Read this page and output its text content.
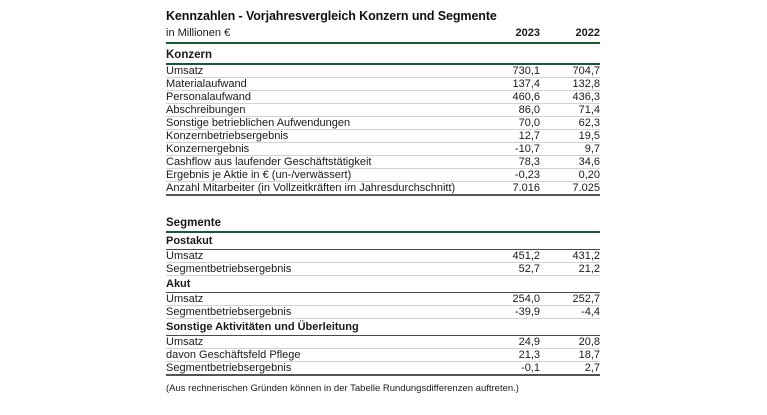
Kennzahlen - Vorjahresvergleich Konzern und Segmente
in Millionen €	2023	2022
Konzern		
Umsatz	730,1	704,7
Materialaufwand	137,4	132,8
Personalaufwand	460,6	436,3
Abschreibungen	86,0	71,4
Sonstige betrieblichen Aufwendungen	70,0	62,3
Konzernbetriebsergebnis	12,7	19,5
Konzernergebnis	-10,7	9,7
Cashflow aus laufender Geschäftstätigkeit	78,3	34,6
Ergebnis je Aktie in € (un-/verwässert)	-0,23	0,20
Anzahl Mitarbeiter (in Vollzeitkräften im Jahresdurchschnitt)	7.016	7.025

Segmente		
Postakut		
Umsatz	451,2	431,2
Segmentbetriebsergebnis	52,7	21,2
Akut		
Umsatz	254,0	252,7
Segmentbetriebsergebnis	-39,9	-4,4
Sonstige Aktivitäten und Überleitung		
Umsatz	24,9	20,8
davon Geschäftsfeld Pflege	21,3	18,7
Segmentbetriebsergebnis	-0,1	2,7
(Aus rechnerischen Gründen können in der Tabelle Rundungsdifferenzen auftreten.)
